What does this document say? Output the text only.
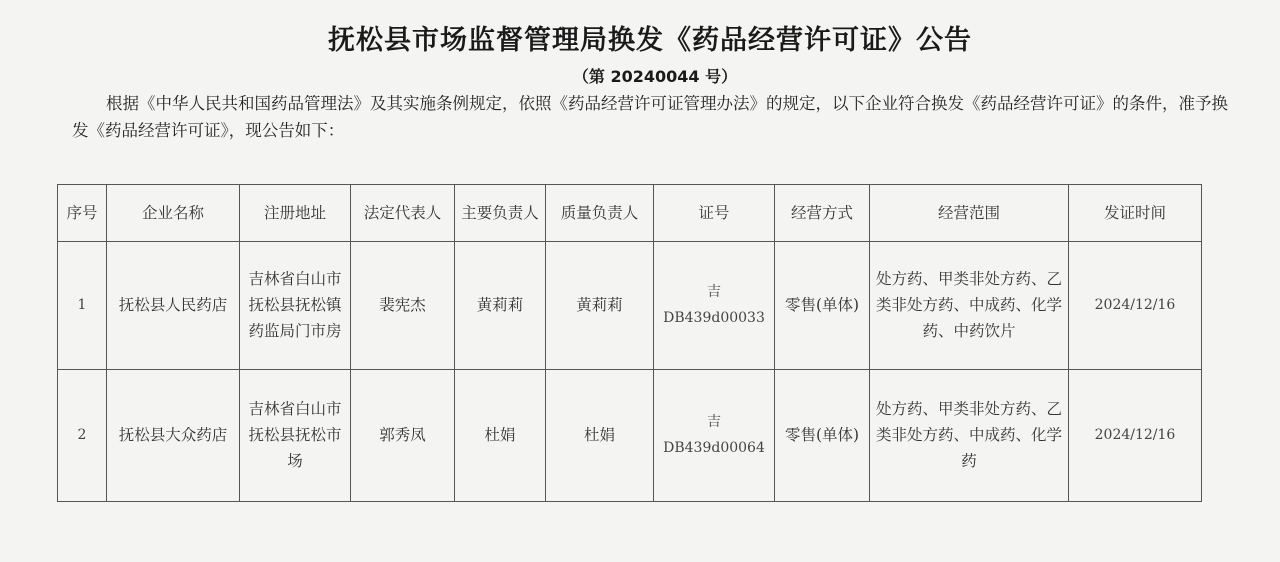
抚松县市场监督管理局换发《药品经营许可证》公告
（第 20240044 号）
根据《中华人民共和国药品管理法》及其实施条例规定，依照《药品经营许可证管理办法》的规定，以下企业符合换发《药品经营许可证》的条件，准予换发《药品经营许可证》，现公告如下：
序号	企业名称	注册地址	法定代表人	主要负责人	质量负责人	证号	经营方式	经营范围	发证时间
1	抚松县人民药店	吉林省白山市抚松县抚松镇药监局门市房	裴宪杰	黄莉莉	黄莉莉	吉DB439d00033	零售(单体)	处方药、甲类非处方药、乙类非处方药、中成药、化学药、中药饮片	2024/12/16
2	抚松县大众药店	吉林省白山市抚松县抚松市场	郭秀凤	杜娟	杜娟	吉DB439d00064	零售(单体)	处方药、甲类非处方药、乙类非处方药、中成药、化学药	2024/12/16
